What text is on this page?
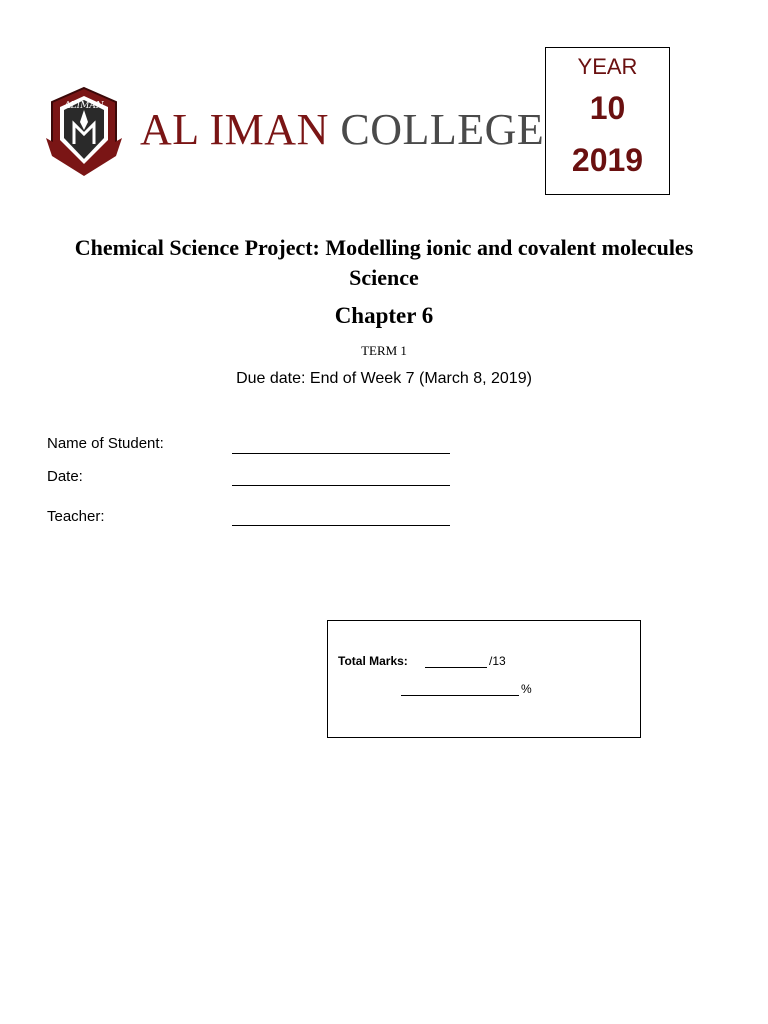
ALIMAN AL IMAN COLLEGE
YEAR
10
2019
Chemical Science Project: Modelling ionic and covalent molecules Science
Chapter 6
TERM 1
Due date: End of Week 7 (March 8, 2019)
Name of Student:
Date:
Teacher:
Total Marks:	/13
%
